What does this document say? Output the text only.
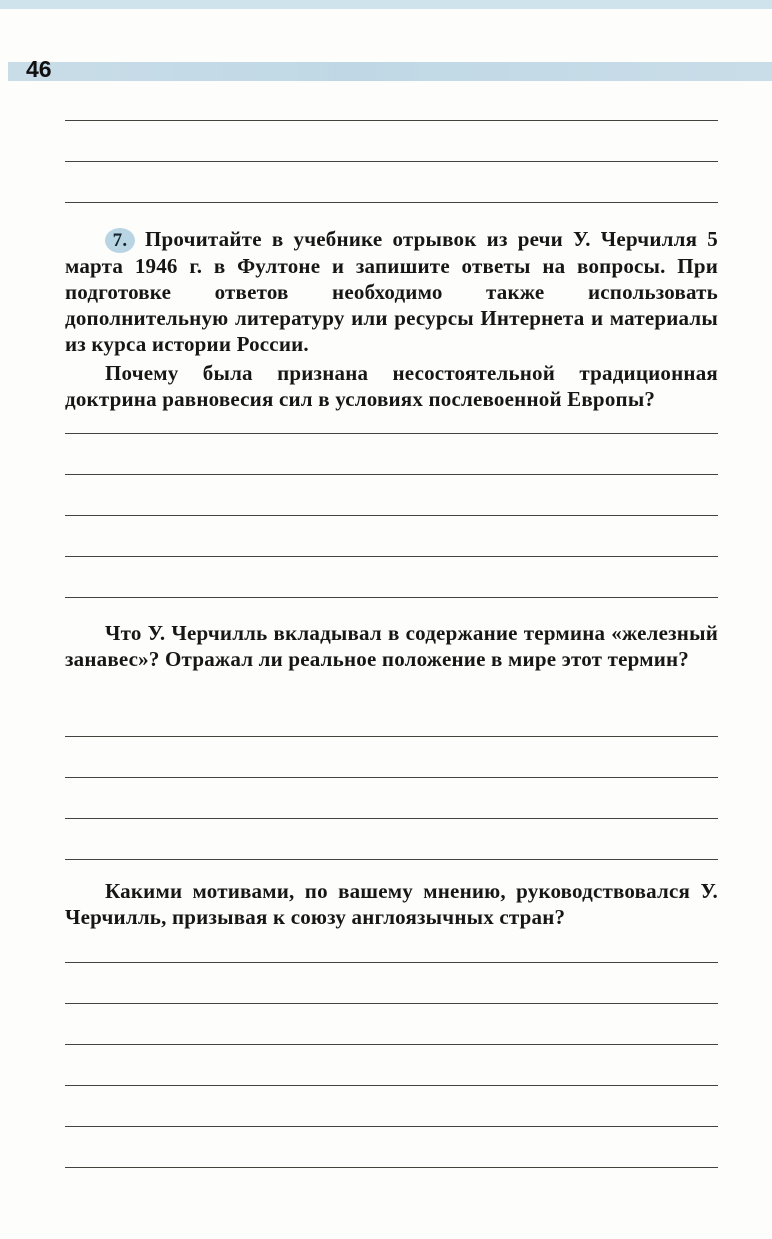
46

7. Прочитайте в учебнике отрывок из речи У. Черчилля 5 марта 1946 г. в Фултоне и запишите ответы на вопросы. При подготовке ответов необходимо также использовать дополнительную литературу или ресурсы Интернета и материалы из курса истории России.

Почему была признана несостоятельной традиционная доктрина равновесия сил в условиях послевоенной Европы?

Что У. Черчилль вкладывал в содержание термина «железный занавес»? Отражал ли реальное положение в мире этот термин?

Какими мотивами, по вашему мнению, руководствовался У. Черчилль, призывая к союзу англоязычных стран?
